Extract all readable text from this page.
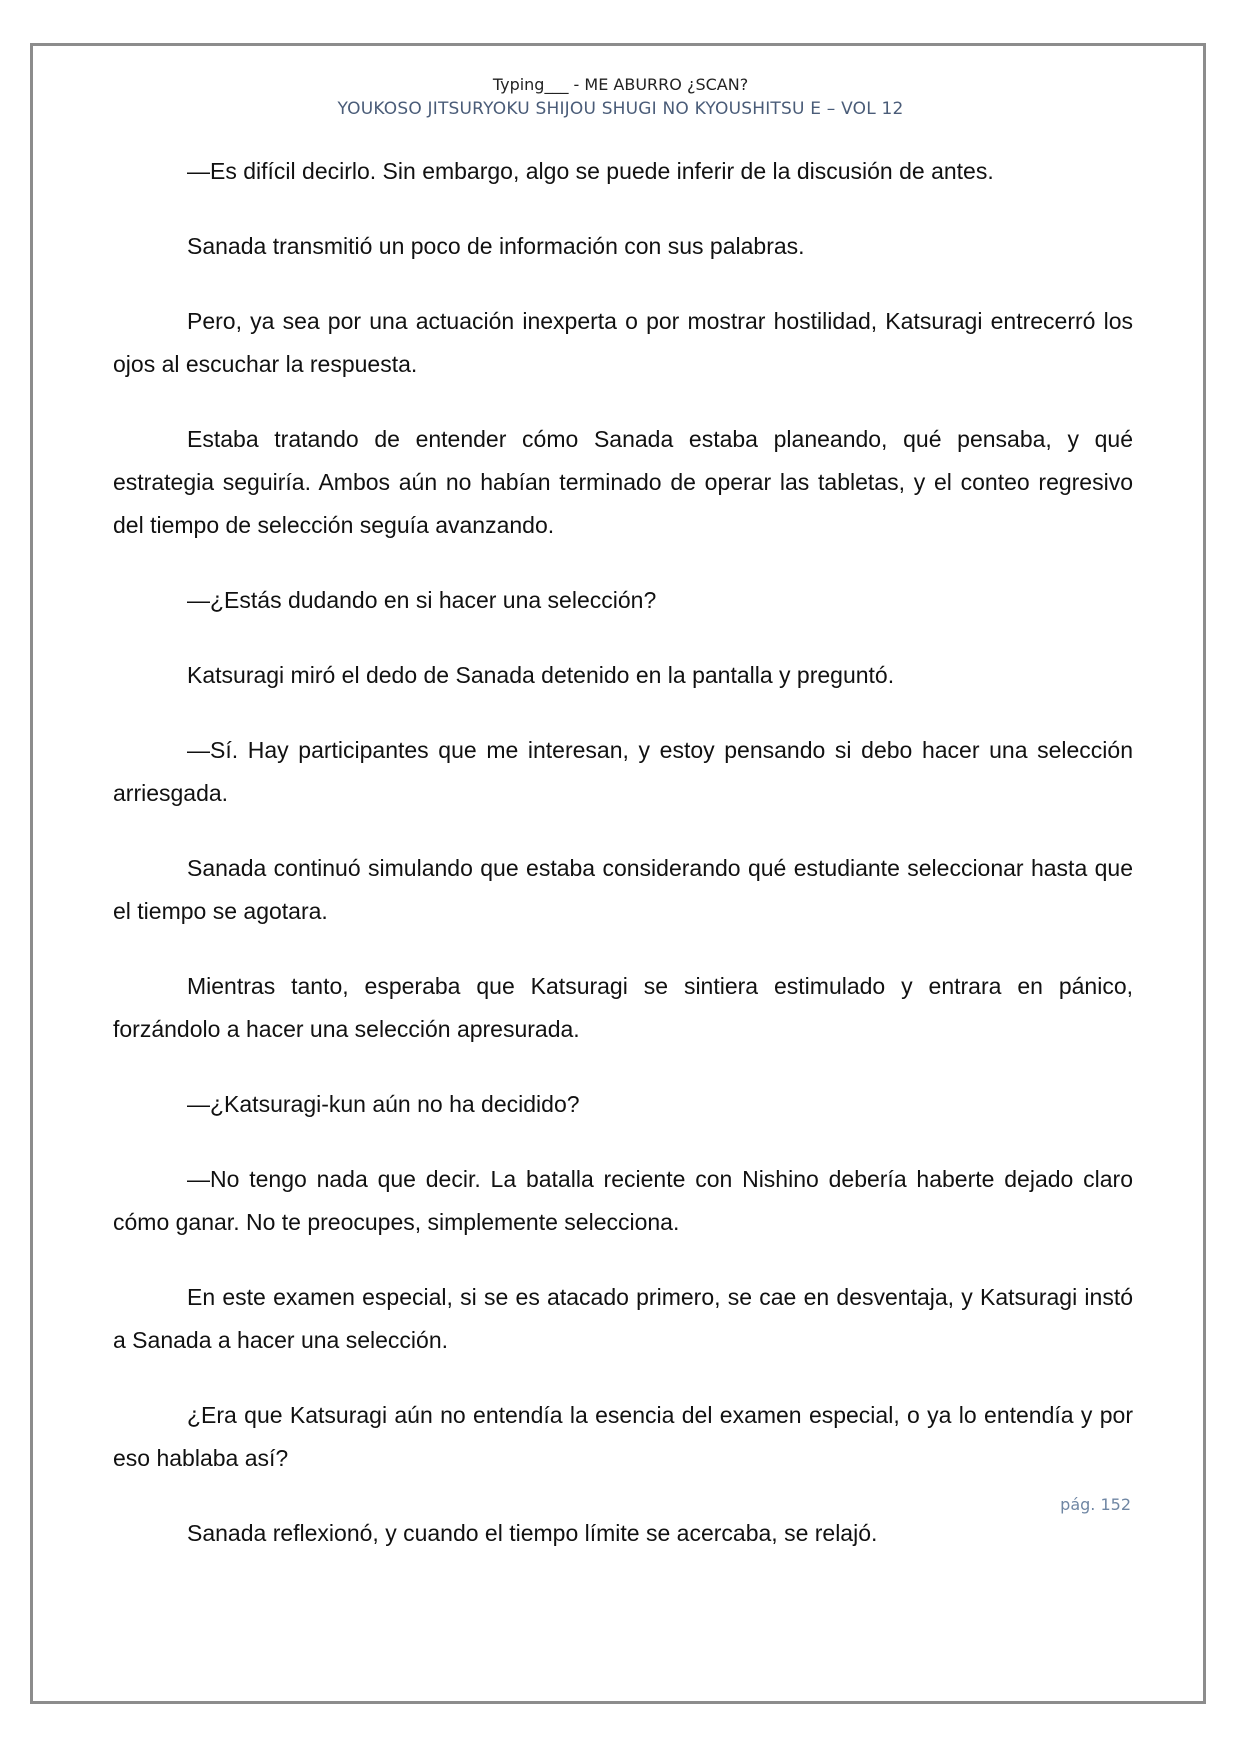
Typing___ - ME ABURRO ¿SCAN?
YOUKOSO JITSURYOKU SHIJOU SHUGI NO KYOUSHITSU E – VOL 12

—Es difícil decirlo. Sin embargo, algo se puede inferir de la discusión de antes.

Sanada transmitió un poco de información con sus palabras.

Pero, ya sea por una actuación inexperta o por mostrar hostilidad, Katsuragi entrecerró los ojos al escuchar la respuesta.

Estaba tratando de entender cómo Sanada estaba planeando, qué pensaba, y qué estrategia seguiría. Ambos aún no habían terminado de operar las tabletas, y el conteo regresivo del tiempo de selección seguía avanzando.

—¿Estás dudando en si hacer una selección?

Katsuragi miró el dedo de Sanada detenido en la pantalla y preguntó.

—Sí. Hay participantes que me interesan, y estoy pensando si debo hacer una selección arriesgada.

Sanada continuó simulando que estaba considerando qué estudiante seleccionar hasta que el tiempo se agotara.

Mientras tanto, esperaba que Katsuragi se sintiera estimulado y entrara en pánico, forzándolo a hacer una selección apresurada.

—¿Katsuragi-kun aún no ha decidido?

—No tengo nada que decir. La batalla reciente con Nishino debería haberte dejado claro cómo ganar. No te preocupes, simplemente selecciona.

En este examen especial, si se es atacado primero, se cae en desventaja, y Katsuragi instó a Sanada a hacer una selección.

¿Era que Katsuragi aún no entendía la esencia del examen especial, o ya lo entendía y por eso hablaba así?

Sanada reflexionó, y cuando el tiempo límite se acercaba, se relajó.

pág. 152
